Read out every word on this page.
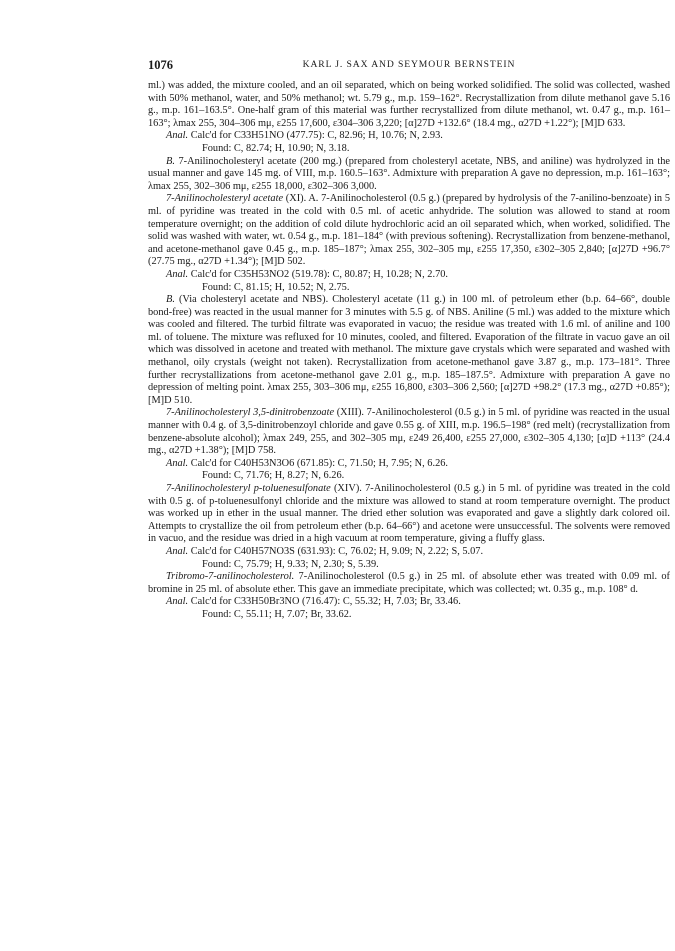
1076	KARL J. SAX AND SEYMOUR BERNSTEIN

ml.) was added, the mixture cooled, and an oil separated, which on being worked solidified. The solid was collected, washed with 50% methanol, water, and 50% methanol; wt. 5.79 g., m.p. 159–162°. Recrystallization from dilute methanol gave 5.16 g., m.p. 161–163.5°. One-half gram of this material was further recrystallized from dilute methanol, wt. 0.47 g., m.p. 161–163°; λmax 255, 304–306 mμ, ε255 17,600, ε304–306 3,220; [α]27D +132.6° (18.4 mg., α27D +1.22°); [M]D 633.

Anal. Calc'd for C33H51NO (477.75): C, 82.96; H, 10.76; N, 2.93.

Found: C, 82.74; H, 10.90; N, 3.18.

B. 7-Anilinocholesteryl acetate (200 mg.) (prepared from cholesteryl acetate, NBS, and aniline) was hydrolyzed in the usual manner and gave 145 mg. of VIII, m.p. 160.5–163°. Admixture with preparation A gave no depression, m.p. 161–163°; λmax 255, 302–306 mμ, ε255 18,000, ε302–306 3,000.

7-Anilinocholesteryl acetate (XI). A. 7-Anilinocholesterol (0.5 g.) (prepared by hydrolysis of the 7-anilino-benzoate) in 5 ml. of pyridine was treated in the cold with 0.5 ml. of acetic anhydride. The solution was allowed to stand at room temperature overnight; on the addition of cold dilute hydrochloric acid an oil separated which, when worked, solidified. The solid was washed with water, wt. 0.54 g., m.p. 181–184° (with previous softening). Recrystallization from benzene-methanol, and acetone-methanol gave 0.45 g., m.p. 185–187°; λmax 255, 302–305 mμ, ε255 17,350, ε302–305 2,840; [α]27D +96.7° (27.75 mg., α27D +1.34°); [M]D 502.

Anal. Calc'd for C35H53NO2 (519.78): C, 80.87; H, 10.28; N, 2.70.

Found: C, 81.15; H, 10.52; N, 2.75.

B. (Via cholesteryl acetate and NBS). Cholesteryl acetate (11 g.) in 100 ml. of petroleum ether (b.p. 64–66°, double bond-free) was reacted in the usual manner for 3 minutes with 5.5 g. of NBS. Aniline (5 ml.) was added to the mixture which was cooled and filtered. The turbid filtrate was evaporated in vacuo; the residue was treated with 1.6 ml. of aniline and 100 ml. of toluene. The mixture was refluxed for 10 minutes, cooled, and filtered. Evaporation of the filtrate in vacuo gave an oil which was dissolved in acetone and treated with methanol. The mixture gave crystals which were separated and washed with methanol, oily crystals (weight not taken). Recrystallization from acetone-methanol gave 3.87 g., m.p. 173–181°. Three further recrystallizations from acetone-methanol gave 2.01 g., m.p. 185–187.5°. Admixture with preparation A gave no depression of melting point. λmax 255, 303–306 mμ, ε255 16,800, ε303–306 2,560; [α]27D +98.2° (17.3 mg., α27D +0.85°); [M]D 510.

7-Anilinocholesteryl 3,5-dinitrobenzoate (XIII). 7-Anilinocholesterol (0.5 g.) in 5 ml. of pyridine was reacted in the usual manner with 0.4 g. of 3,5-dinitrobenzoyl chloride and gave 0.55 g. of XIII, m.p. 196.5–198° (red melt) (recrystallization from benzene-absolute alcohol); λmax 249, 255, and 302–305 mμ, ε249 26,400, ε255 27,000, ε302–305 4,130; [α]D +113° (24.4 mg., α27D +1.38°); [M]D 758.

Anal. Calc'd for C40H53N3O6 (671.85): C, 71.50; H, 7.95; N, 6.26.

Found: C, 71.76; H, 8.27; N, 6.26.

7-Anilinocholesteryl p-toluenesulfonate (XIV). 7-Anilinocholesterol (0.5 g.) in 5 ml. of pyridine was treated in the cold with 0.5 g. of p-toluenesulfonyl chloride and the mixture was allowed to stand at room temperature overnight. The product was worked up in ether in the usual manner. The dried ether solution was evaporated and gave a slightly dark colored oil. Attempts to crystallize the oil from petroleum ether (b.p. 64–66°) and acetone were unsuccessful. The solvents were removed in vacuo, and the residue was dried in a high vacuum at room temperature, giving a fluffy glass.

Anal. Calc'd for C40H57NO3S (631.93): C, 76.02; H, 9.09; N, 2.22; S, 5.07.

Found: C, 75.79; H, 9.33; N, 2.30; S, 5.39.

Tribromo-7-anilinocholesterol. 7-Anilinocholesterol (0.5 g.) in 25 ml. of absolute ether was treated with 0.09 ml. of bromine in 25 ml. of absolute ether. This gave an immediate precipitate, which was collected; wt. 0.35 g., m.p. 108° d.

Anal. Calc'd for C33H50Br3NO (716.47): C, 55.32; H, 7.03; Br, 33.46.

Found: C, 55.11; H, 7.07; Br, 33.62.
